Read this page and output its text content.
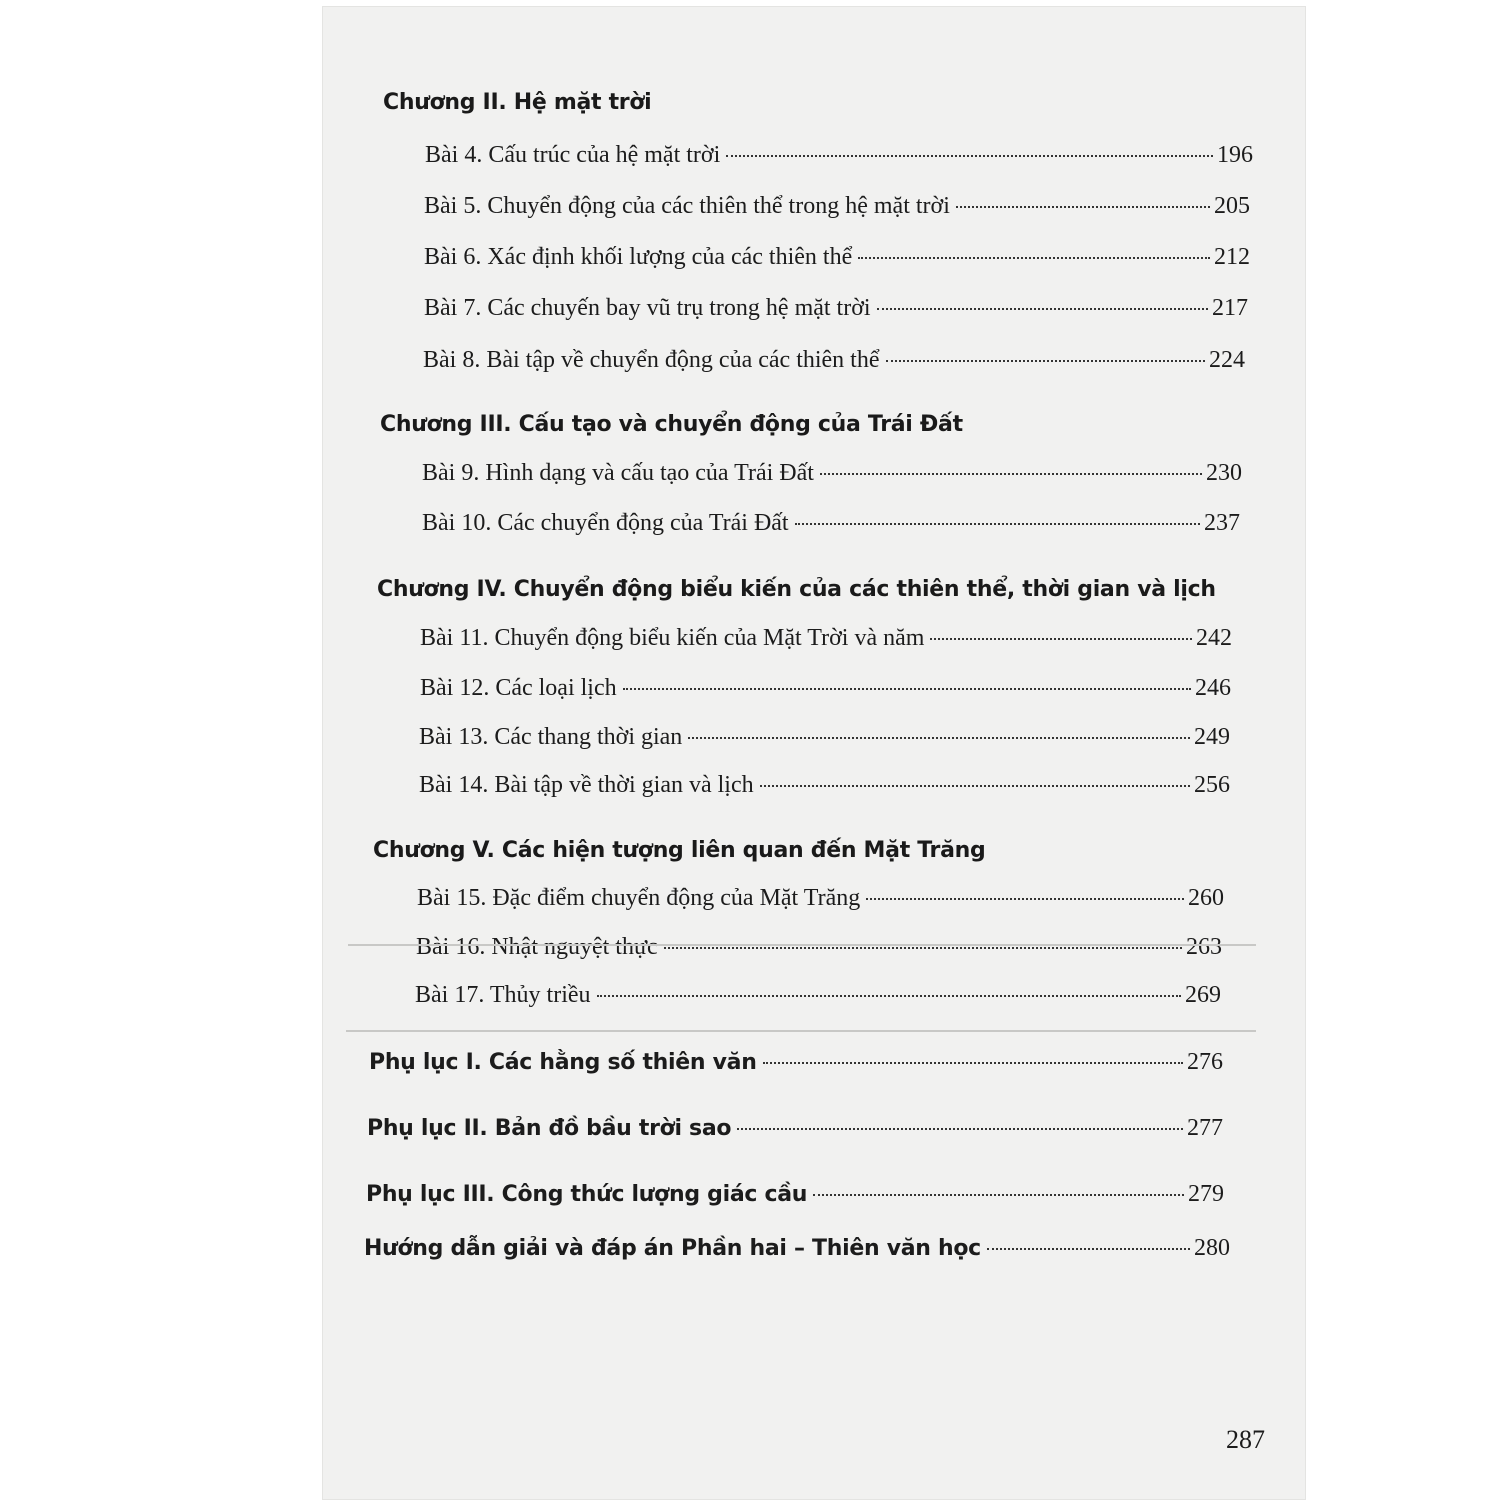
Chương II. Hệ mặt trời
Bài 4. Cấu trúc của hệ mặt trời	196
Bài 5. Chuyển động của các thiên thể trong hệ mặt trời	205
Bài 6. Xác định khối lượng của các thiên thể	212
Bài 7. Các chuyến bay vũ trụ trong hệ mặt trời	217
Bài 8. Bài tập về chuyển động của các thiên thể	224
Chương III. Cấu tạo và chuyển động của Trái Đất
Bài 9. Hình dạng và cấu tạo của Trái Đất	230
Bài 10. Các chuyển động của Trái Đất	237
Chương IV. Chuyển động biểu kiến của các thiên thể, thời gian và lịch
Bài 11. Chuyển động biểu kiến của Mặt Trời và năm	242
Bài 12. Các loại lịch	246
Bài 13. Các thang thời gian	249
Bài 14. Bài tập về thời gian và lịch	256
Chương V. Các hiện tượng liên quan đến Mặt Trăng
Bài 15. Đặc điểm chuyển động của Mặt Trăng	260
Bài 16. Nhật nguyệt thực	263
Bài 17. Thủy triều	269
Phụ lục I. Các hằng số thiên văn	276
Phụ lục II. Bản đồ bầu trời sao	277
Phụ lục III. Công thức lượng giác cầu	279
Hướng dẫn giải và đáp án Phần hai – Thiên văn học	280
287
